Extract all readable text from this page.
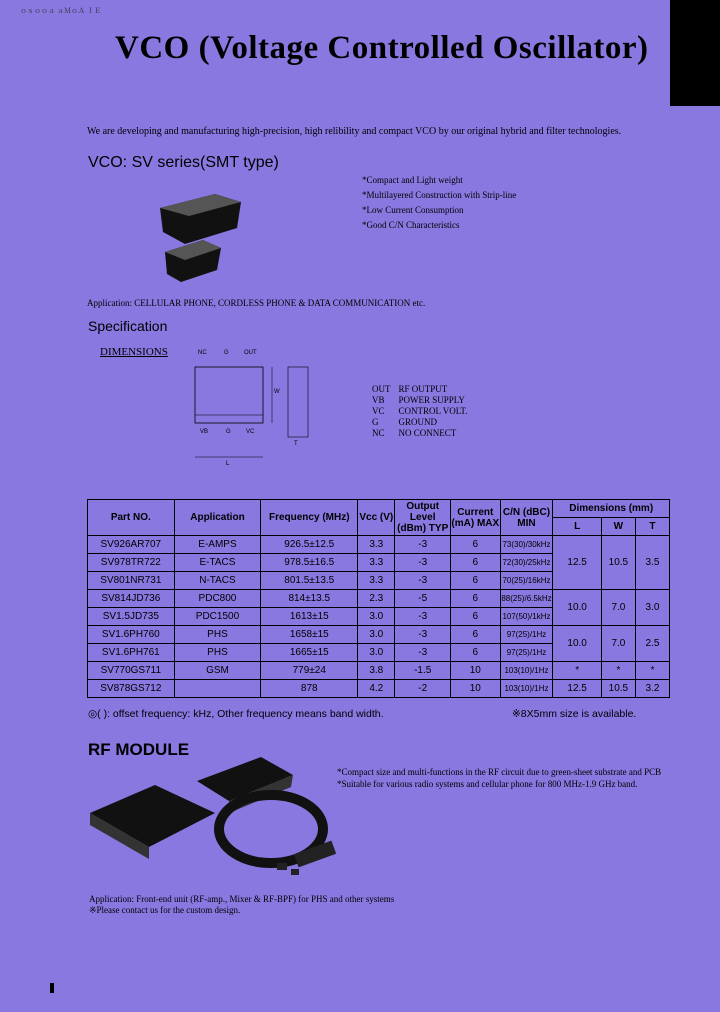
ｏｓｏｏａ ａＭｏＡ ＩＥ
VCO (Voltage Controlled Oscillator)
We are developing and manufacturing high-precision, high relibility and compact VCO by our original hybrid and filter technologies.
VCO: SV series(SMT type)
*Compact and Light weight
*Multilayered Construction with Strip-line
*Low Current Consumption
*Good C/N Characteristics
Application: CELLULAR PHONE, CORDLESS PHONE & DATA COMMUNICATION etc.
Specification
DIMENSIONS	NC	G	OUT
VB	G	VC
W
L
T
OUT	RF OUTPUT
VB	POWER SUPPLY
VC	CONTROL VOLT.
G	GROUND
NC	NO CONNECT
Part NO.	Application	Frequency (MHz)	Vcc (V)	Output Level (dBm) TYP	Current (mA) MAX	C/N (dBC) MIN	Dimensions (mm)		
							L	W	T
SV926AR707	E-AMPS	926.5±12.5	3.3	-3	6	73(30)/30kHz	12.5	10.5	3.5
SV978TR722	E-TACS	978.5±16.5	3.3	-3	6	72(30)/25kHz			
SV801NR731	N-TACS	801.5±13.5	3.3	-3	6	70(25)/16kHz			
SV814JD736	PDC800	814±13.5	2.3	-5	6	88(25)/6.5kHz	10.0	7.0	3.0
SV1.5JD735	PDC1500	1613±15	3.0	-3	6	107(50)/1kHz			
SV1.6PH760	PHS	1658±15	3.0	-3	6	97(25)/1Hz	10.0	7.0	2.5
SV1.6PH761	PHS	1665±15	3.0	-3	6	97(25)/1Hz			
SV770GS711	GSM	779±24	3.8	-1.5	10	103(10)/1Hz	*	*	*
SV878GS712		878	4.2	-2	10	103(10)/1Hz	12.5	10.5	3.2
◎( ): offset frequency: kHz, Other frequency means band width.	※8X5mm size is available.
RF MODULE
*Compact size and multi-functions in the RF circuit due to green-sheet substrate and PCB
*Suitable for various radio systems and cellular phone for 800 MHz-1.9 GHz band.
Application: Front-end unit (RF-amp., Mixer & RF-BPF) for PHS and other systems
※Please contact us for the custom design.
